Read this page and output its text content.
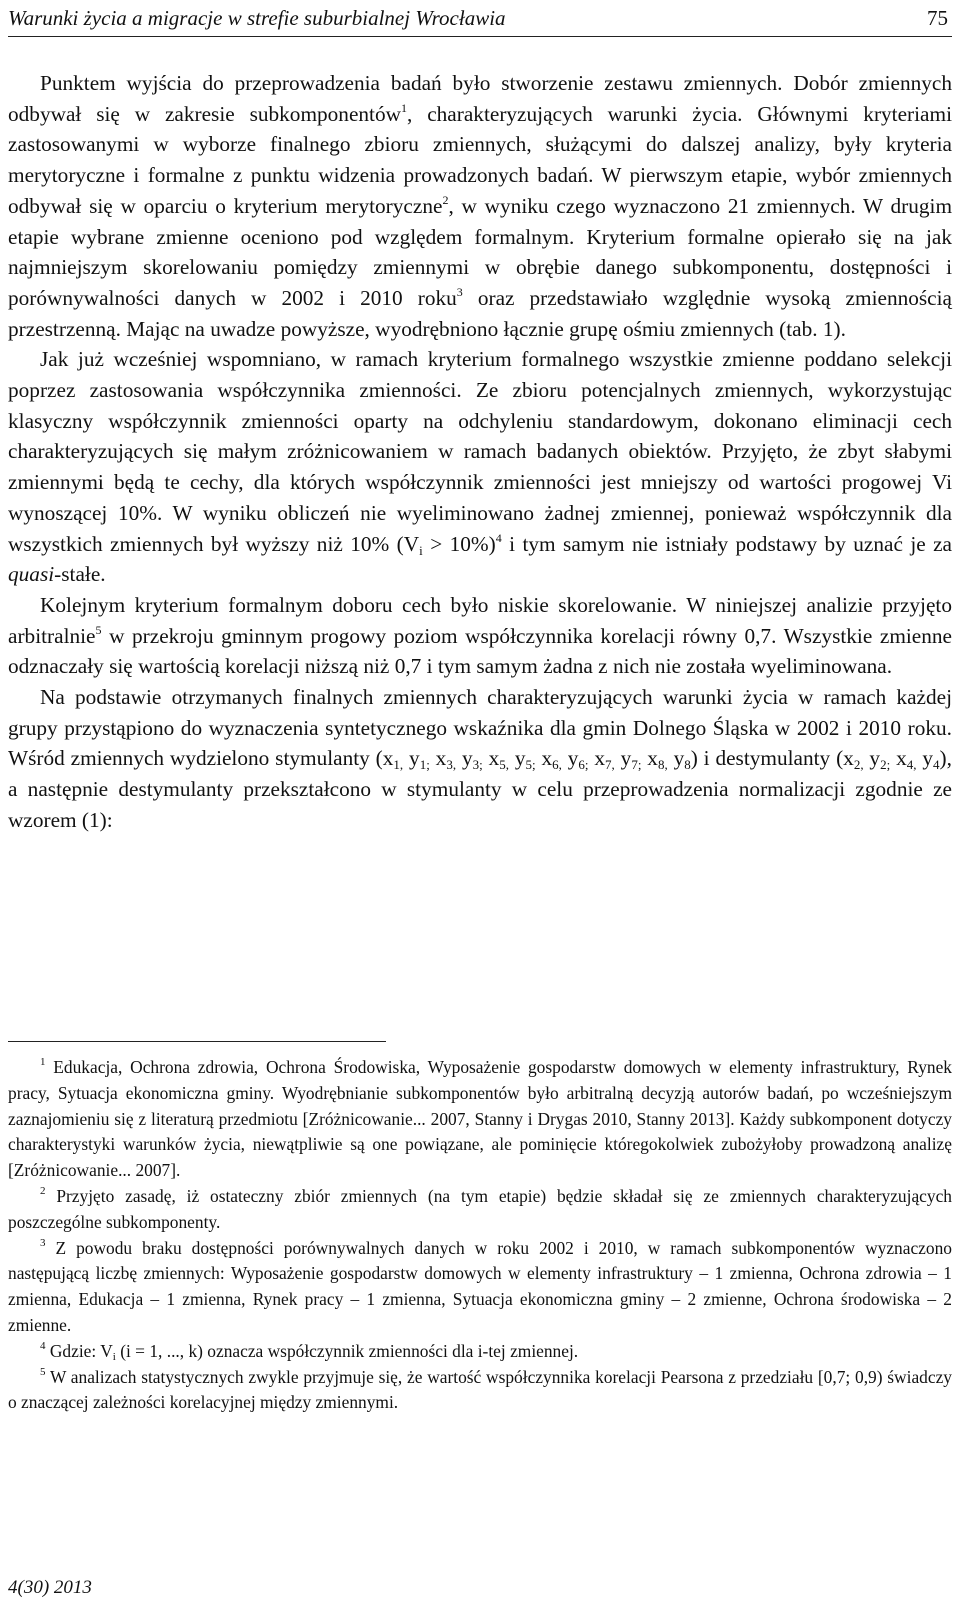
Warunki życia a migracje w strefie suburbialnej Wrocławia	75

Punktem wyjścia do przeprowadzenia badań było stworzenie zestawu zmiennych. Dobór zmiennych odbywał się w zakresie subkomponentów$^1$, charakteryzujących warunki życia. Głównymi kryteriami zastosowanymi w wyborze finalnego zbioru zmiennych, służącymi do dalszej analizy, były kryteria merytoryczne i formalne z punktu widzenia prowadzonych badań. W pierwszym etapie, wybór zmiennych odbywał się w oparciu o kryterium merytoryczne$^2$, w wyniku czego wyznaczono 21 zmiennych. W drugim etapie wybrane zmienne oceniono pod względem formalnym. Kryterium formalne opierało się na jak najmniejszym skorelowaniu pomiędzy zmiennymi w obrębie danego subkomponentu, dostępności i porównywalności danych w 2002 i 2010 roku$^3$ oraz przedstawiało względnie wysoką zmiennością przestrzenną. Mając na uwadze powyższe, wyodrębniono łącznie grupę ośmiu zmiennych (tab. 1).

Jak już wcześniej wspomniano, w ramach kryterium formalnego wszystkie zmienne poddano selekcji poprzez zastosowania współczynnika zmienności. Ze zbioru potencjalnych zmiennych, wykorzystując klasyczny współczynnik zmienności oparty na odchyleniu standardowym, dokonano eliminacji cech charakteryzujących się małym zróżnicowaniem w ramach badanych obiektów. Przyjęto, że zbyt słabymi zmiennymi będą te cechy, dla których współczynnik zmienności jest mniejszy od wartości progowej Vi wynoszącej 10%. W wyniku obliczeń nie wyeliminowano żadnej zmiennej, ponieważ współczynnik dla wszystkich zmiennych był wyższy niż 10% $(V_i > 10\%)^4$ i tym samym nie istniały podstawy by uznać je za quasi-stałe.

Kolejnym kryterium formalnym doboru cech było niskie skorelowanie. W niniejszej analizie przyjęto arbitralnie$^5$ w przekroju gminnym progowy poziom współczynnika korelacji równy 0,7. Wszystkie zmienne odznaczały się wartością korelacji niższą niż 0,7 i tym samym żadna z nich nie została wyeliminowana.

Na podstawie otrzymanych finalnych zmiennych charakteryzujących warunki życia w ramach każdej grupy przystąpiono do wyznaczenia syntetycznego wskaźnika dla gmin Dolnego Śląska w 2002 i 2010 roku. Wśród zmiennych wydzielono stymulanty ($x_{1,}$ $y_{1;}$ $x_{3,}$ $y_{3;}$ $x_{5,}$ $y_{5;}$ $x_{6,}$ $y_{6;}$ $x_{7,}$ $y_{7;}$ $x_{8,}$ $y_8$) i destymulanty ($x_{2,}$ $y_{2;}$ $x_{4,}$ $y_4$), a następnie destymulanty przekształcono w stymulanty w celu przeprowadzenia normalizacji zgodnie ze wzorem (1):

$^1$ Edukacja, Ochrona zdrowia, Ochrona Środowiska, Wyposażenie gospodarstw domowych w elementy infrastruktury, Rynek pracy, Sytuacja ekonomiczna gminy. Wyodrębnianie subkomponentów było arbitralną decyzją autorów badań, po wcześniejszym zaznajomieniu się z literaturą przedmiotu [Zróżnicowanie... 2007, Stanny i Drygas 2010, Stanny 2013]. Każdy subkomponent dotyczy charakterystyki warunków życia, niewątpliwie są one powiązane, ale pominięcie któregokolwiek zubożyłoby prowadzoną analizę [Zróżnicowanie... 2007].

$^2$ Przyjęto zasadę, iż ostateczny zbiór zmiennych (na tym etapie) będzie składał się ze zmiennych charakteryzujących poszczególne subkomponenty.

$^3$ Z powodu braku dostępności porównywalnych danych w roku 2002 i 2010, w ramach subkomponentów wyznaczono następującą liczbę zmiennych: Wyposażenie gospodarstw domowych w elementy infrastruktury – 1 zmienna, Ochrona zdrowia – 1 zmienna, Edukacja – 1 zmienna, Rynek pracy – 1 zmienna, Sytuacja ekonomiczna gminy – 2 zmienne, Ochrona środowiska – 2 zmienne.

$^4$ Gdzie: $V_i$ (i = 1, ..., k) oznacza współczynnik zmienności dla i-tej zmiennej.

$^5$ W analizach statystycznych zwykle przyjmuje się, że wartość współczynnika korelacji Pearsona z przedziału [0,7; 0,9) świadczy o znaczącej zależności korelacyjnej między zmiennymi.

4(30) 2013
